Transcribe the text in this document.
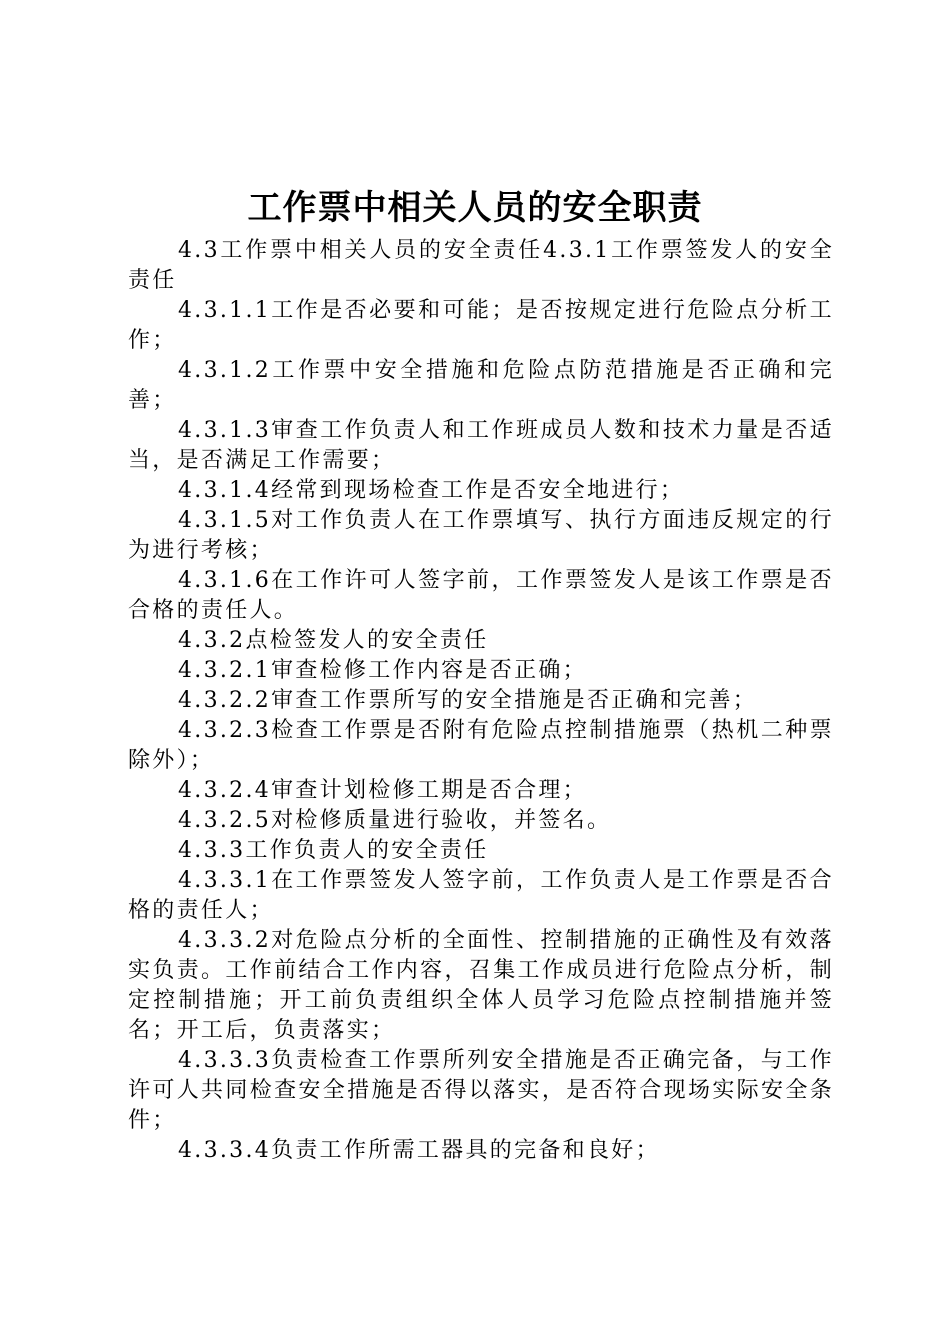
工作票中相关人员的安全职责

4.3工作票中相关人员的安全责任4.3.1工作票签发人的安全责任

4.3.1.1工作是否必要和可能；是否按规定进行危险点分析工作；

4.3.1.2工作票中安全措施和危险点防范措施是否正确和完善；

4.3.1.3审查工作负责人和工作班成员人数和技术力量是否适当，是否满足工作需要；

4.3.1.4经常到现场检查工作是否安全地进行；

4.3.1.5对工作负责人在工作票填写、执行方面违反规定的行为进行考核；

4.3.1.6在工作许可人签字前，工作票签发人是该工作票是否合格的责任人。

4.3.2点检签发人的安全责任

4.3.2.1审查检修工作内容是否正确；

4.3.2.2审查工作票所写的安全措施是否正确和完善；

4.3.2.3检查工作票是否附有危险点控制措施票（热机二种票除外）；

4.3.2.4审查计划检修工期是否合理；

4.3.2.5对检修质量进行验收，并签名。

4.3.3工作负责人的安全责任

4.3.3.1在工作票签发人签字前，工作负责人是工作票是否合格的责任人；

4.3.3.2对危险点分析的全面性、控制措施的正确性及有效落实负责。工作前结合工作内容，召集工作成员进行危险点分析，制定控制措施；开工前负责组织全体人员学习危险点控制措施并签名；开工后，负责落实；

4.3.3.3负责检查工作票所列安全措施是否正确完备，与工作许可人共同检查安全措施是否得以落实，是否符合现场实际安全条件；

4.3.3.4负责工作所需工器具的完备和良好；
